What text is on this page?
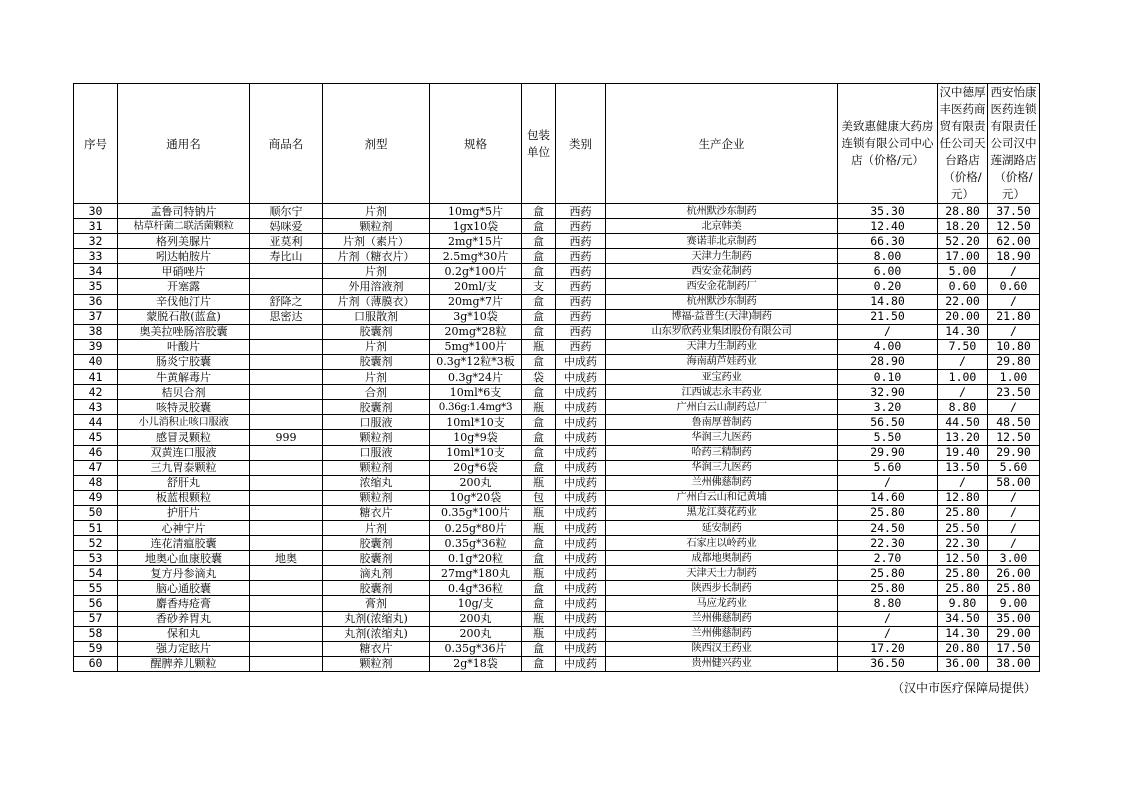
序号	通用名	商品名	剂型	规格	包装单位	类别	生产企业	美致惠健康大药房连锁有限公司中心店（价格/元）	汉中德厚丰医药商贸有限责任公司天台路店（价格/元）	西安怡康医药连锁有限责任公司汉中莲湖路店（价格/元）
30	孟鲁司特钠片	顺尔宁	片剂	10mg*5片	盒	西药	杭州默沙东制药	35.30	28.80	37.50
31	枯草杆菌二联活菌颗粒	妈咪爱	颗粒剂	1gx10袋	盒	西药	北京韩美	12.40	18.20	12.50
32	格列美脲片	亚莫利	片剂（素片）	2mg*15片	盒	西药	赛诺菲北京制药	66.30	52.20	62.00
33	吲达帕胺片	寿比山	片剂（糖衣片）	2.5mg*30片	盒	西药	天津力生制药	8.00	17.00	18.90
34	甲硝唑片		片剂	0.2g*100片	盒	西药	西安金花制药	6.00	5.00	/
35	开塞露		外用溶液剂	20ml/支	支	西药	西安金花制药厂	0.20	0.60	0.60
36	辛伐他汀片	舒降之	片剂（薄膜衣）	20mg*7片	盒	西药	杭州默沙东制药	14.80	22.00	/
37	蒙脱石散(蓝盒)	思密达	口服散剂	3g*10袋	盒	西药	博福-益普生(天津)制药	21.50	20.00	21.80
38	奥美拉唑肠溶胶囊		胶囊剂	20mg*28粒	盒	西药	山东罗欣药业集团股份有限公司	/	14.30	/
39	叶酸片		片剂	5mg*100片	瓶	西药	天津力生制药业	4.00	7.50	10.80
40	肠炎宁胶囊		胶囊剂	0.3g*12粒*3板	盒	中成药	海南葫芦娃药业	28.90	/	29.80
41	牛黄解毒片		片剂	0.3g*24片	袋	中成药	亚宝药业	0.10	1.00	1.00
42	桔贝合剂		合剂	10ml*6支	盒	中成药	江西诚志永丰药业	32.90	/	23.50
43	咳特灵胶囊		胶囊剂	0.36g:1.4mg*3	瓶	中成药	广州白云山制药总厂	3.20	8.80	/
44	小儿消积止咳口服液		口服液	10ml*10支	盒	中成药	鲁南厚普制药	56.50	44.50	48.50
45	感冒灵颗粒	999	颗粒剂	10g*9袋	盒	中成药	华润三九医药	5.50	13.20	12.50
46	双黄连口服液		口服液	10ml*10支	盒	中成药	哈药三精制药	29.90	19.40	29.90
47	三九胃泰颗粒		颗粒剂	20g*6袋	盒	中成药	华润三九医药	5.60	13.50	5.60
48	舒肝丸		浓缩丸	200丸	瓶	中成药	兰州佛慈制药	/	/	58.00
49	板蓝根颗粒		颗粒剂	10g*20袋	包	中成药	广州白云山和记黄埔	14.60	12.80	/
50	护肝片		糖衣片	0.35g*100片	瓶	中成药	黑龙江葵花药业	25.80	25.80	/
51	心神宁片		片剂	0.25g*80片	瓶	中成药	延安制药	24.50	25.50	/
52	连花清瘟胶囊		胶囊剂	0.35g*36粒	盒	中成药	石家庄以岭药业	22.30	22.30	/
53	地奥心血康胶囊	地奥	胶囊剂	0.1g*20粒	盒	中成药	成都地奥制药	2.70	12.50	3.00
54	复方丹参滴丸		滴丸剂	27mg*180丸	瓶	中成药	天津天士力制药	25.80	25.80	26.00
55	脑心通胶囊		胶囊剂	0.4g*36粒	盒	中成药	陕西步长制药	25.80	25.80	25.80
56	麝香痔疮膏		膏剂	10g/支	盒	中成药	马应龙药业	8.80	9.80	9.00
57	香砂养胃丸		丸剂(浓缩丸)	200丸	瓶	中成药	兰州佛慈制药	/	34.50	35.00
58	保和丸		丸剂(浓缩丸)	200丸	瓶	中成药	兰州佛慈制药	/	14.30	29.00
59	强力定眩片		糖衣片	0.35g*36片	盒	中成药	陕西汉王药业	17.20	20.80	17.50
60	醒脾养儿颗粒		颗粒剂	2g*18袋	盒	中成药	贵州健兴药业	36.50	36.00	38.00
（汉中市医疗保障局提供）
